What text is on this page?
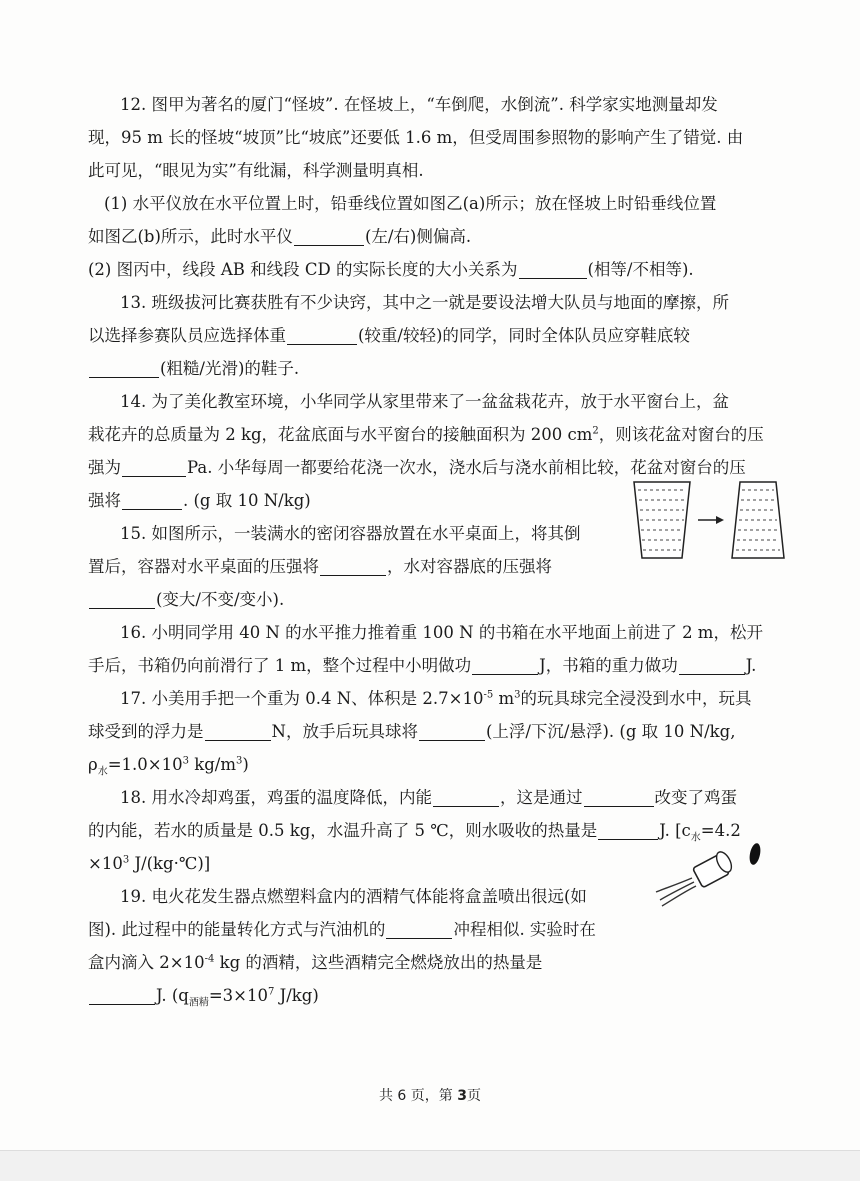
12. 图甲为著名的厦门“怪坡”. 在怪坡上，“车倒爬，水倒流”. 科学家实地测量却发
现，95 m 长的怪坡“坡顶”比“坡底”还要低 1.6 m，但受周围参照物的影响产生了错觉. 由
此可见，“眼见为实”有纰漏，科学测量明真相.
(1) 水平仪放在水平位置上时，铅垂线位置如图乙(a)所示；放在怪坡上时铅垂线位置
如图乙(b)所示，此时水平仪	(左/右)侧偏高.
(2) 图丙中，线段 AB 和线段 CD 的实际长度的大小关系为	(相等/不相等).
13. 班级拔河比赛获胜有不少诀窍，其中之一就是要设法增大队员与地面的摩擦，所
以选择参赛队员应选择体重	(较重/较轻)的同学，同时全体队员应穿鞋底较
(粗糙/光滑)的鞋子.
14. 为了美化教室环境，小华同学从家里带来了一盆盆栽花卉，放于水平窗台上，盆
栽花卉的总质量为 2 kg，花盆底面与水平窗台的接触面积为 200 $cm^2$，则该花盆对窗台的压
强为	Pa. 小华每周一都要给花浇一次水，浇水后与浇水前相比较，花盆对窗台的压
强将	. (g 取 10 N/kg)
15. 如图所示，一装满水的密闭容器放置在水平桌面上，将其倒
置后，容器对水平桌面的压强将	，水对容器底的压强将
(变大/不变/变小).
16. 小明同学用 40 N 的水平推力推着重 100 N 的书箱在水平地面上前进了 2 m，松开
手后，书箱仍向前滑行了 1 m，整个过程中小明做功	J，书箱的重力做功	J.
17. 小美用手把一个重为 0.4 N、体积是 $2.7\times 10^{-5}$ $m^3$的玩具球完全浸没到水中，玩具
球受到的浮力是	N，放手后玩具球将	(上浮/下沉/悬浮). (g 取 10 N/kg,
$\rho_水=1.0\times 10^3$ $kg/m^3$)
18. 用水冷却鸡蛋，鸡蛋的温度降低，内能	，这是通过	改变了鸡蛋
的内能，若水的质量是 0.5 kg，水温升高了 5 ℃，则水吸收的热量是	J. [$c_水=4.2$
$\times 10^3$ J/(kg·℃)]
19. 电火花发生器点燃塑料盒内的酒精气体能将盒盖喷出很远(如
图). 此过程中的能量转化方式与汽油机的	冲程相似. 实验时在
盒内滴入 $2\times 10^{-4}$ kg 的酒精，这些酒精完全燃烧放出的热量是
J. ($q_{酒精}=3\times 10^7$ J/kg)
共 6 页，第 3页
